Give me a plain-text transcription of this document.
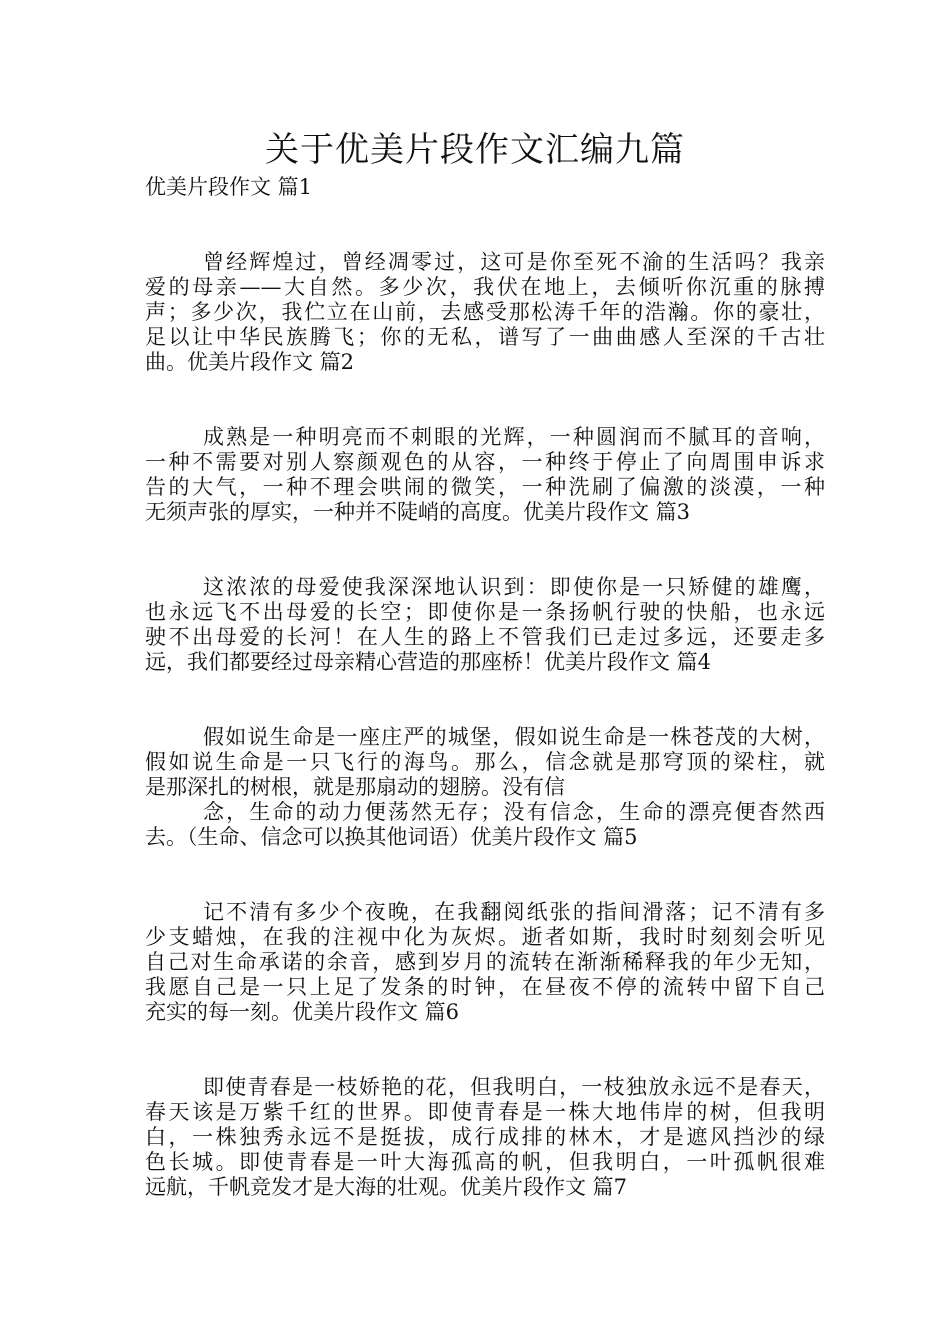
关于优美片段作文汇编九篇
优美片段作文 篇1
曾经辉煌过，曾经凋零过，这可是你至死不渝的生活吗？我亲
爱的母亲——大自然。多少次，我伏在地上，去倾听你沉重的脉搏
声；多少次，我伫立在山前，去感受那松涛千年的浩瀚。你的豪壮，
足以让中华民族腾飞；你的无私，谱写了一曲曲感人至深的千古壮
曲。优美片段作文 篇2
成熟是一种明亮而不刺眼的光辉，一种圆润而不腻耳的音响，
一种不需要对别人察颜观色的从容，一种终于停止了向周围申诉求
告的大气，一种不理会哄闹的微笑，一种洗刷了偏激的淡漠，一种
无须声张的厚实，一种并不陡峭的高度。优美片段作文 篇3
这浓浓的母爱使我深深地认识到：即使你是一只矫健的雄鹰，
也永远飞不出母爱的长空；即使你是一条扬帆行驶的快船，也永远
驶不出母爱的长河！在人生的路上不管我们已走过多远，还要走多
远，我们都要经过母亲精心营造的那座桥！优美片段作文 篇4
假如说生命是一座庄严的城堡，假如说生命是一株苍茂的大树，
假如说生命是一只飞行的海鸟。那么，信念就是那穹顶的梁柱，就
是那深扎的树根，就是那扇动的翅膀。没有信
念，生命的动力便荡然无存；没有信念，生命的漂亮便杳然西
去。（生命、信念可以换其他词语）优美片段作文 篇5
记不清有多少个夜晚，在我翻阅纸张的指间滑落；记不清有多
少支蜡烛，在我的注视中化为灰烬。逝者如斯，我时时刻刻会听见
自己对生命承诺的余音，感到岁月的流转在渐渐稀释我的年少无知，
我愿自己是一只上足了发条的时钟，在昼夜不停的流转中留下自己
充实的每一刻。优美片段作文 篇6
即使青春是一枝娇艳的花，但我明白，一枝独放永远不是春天，
春天该是万紫千红的世界。即使青春是一株大地伟岸的树，但我明
白，一株独秀永远不是挺拔，成行成排的林木，才是遮风挡沙的绿
色长城。即使青春是一叶大海孤高的帆，但我明白，一叶孤帆很难
远航，千帆竞发才是大海的壮观。优美片段作文 篇7
